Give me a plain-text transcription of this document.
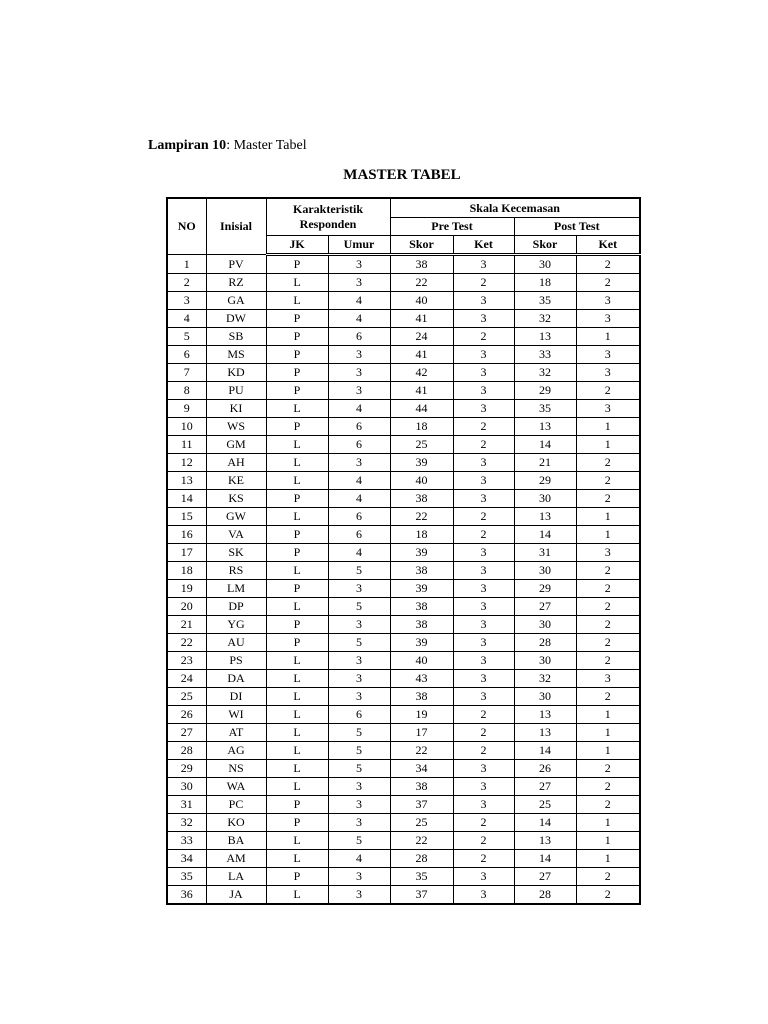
Lampiran 10: Master Tabel
MASTER TABEL
NO	Inisial	Karakteristik Responden		Skala Kecemasan			
				Pre Test		Post Test	
		JK	Umur	Skor	Ket	Skor	Ket
1	PV	P	3	38	3	30	2
2	RZ	L	3	22	2	18	2
3	GA	L	4	40	3	35	3
4	DW	P	4	41	3	32	3
5	SB	P	6	24	2	13	1
6	MS	P	3	41	3	33	3
7	KD	P	3	42	3	32	3
8	PU	P	3	41	3	29	2
9	KI	L	4	44	3	35	3
10	WS	P	6	18	2	13	1
11	GM	L	6	25	2	14	1
12	AH	L	3	39	3	21	2
13	KE	L	4	40	3	29	2
14	KS	P	4	38	3	30	2
15	GW	L	6	22	2	13	1
16	VA	P	6	18	2	14	1
17	SK	P	4	39	3	31	3
18	RS	L	5	38	3	30	2
19	LM	P	3	39	3	29	2
20	DP	L	5	38	3	27	2
21	YG	P	3	38	3	30	2
22	AU	P	5	39	3	28	2
23	PS	L	3	40	3	30	2
24	DA	L	3	43	3	32	3
25	DI	L	3	38	3	30	2
26	WI	L	6	19	2	13	1
27	AT	L	5	17	2	13	1
28	AG	L	5	22	2	14	1
29	NS	L	5	34	3	26	2
30	WA	L	3	38	3	27	2
31	PC	P	3	37	3	25	2
32	KO	P	3	25	2	14	1
33	BA	L	5	22	2	13	1
34	AM	L	4	28	2	14	1
35	LA	P	3	35	3	27	2
36	JA	L	3	37	3	28	2
